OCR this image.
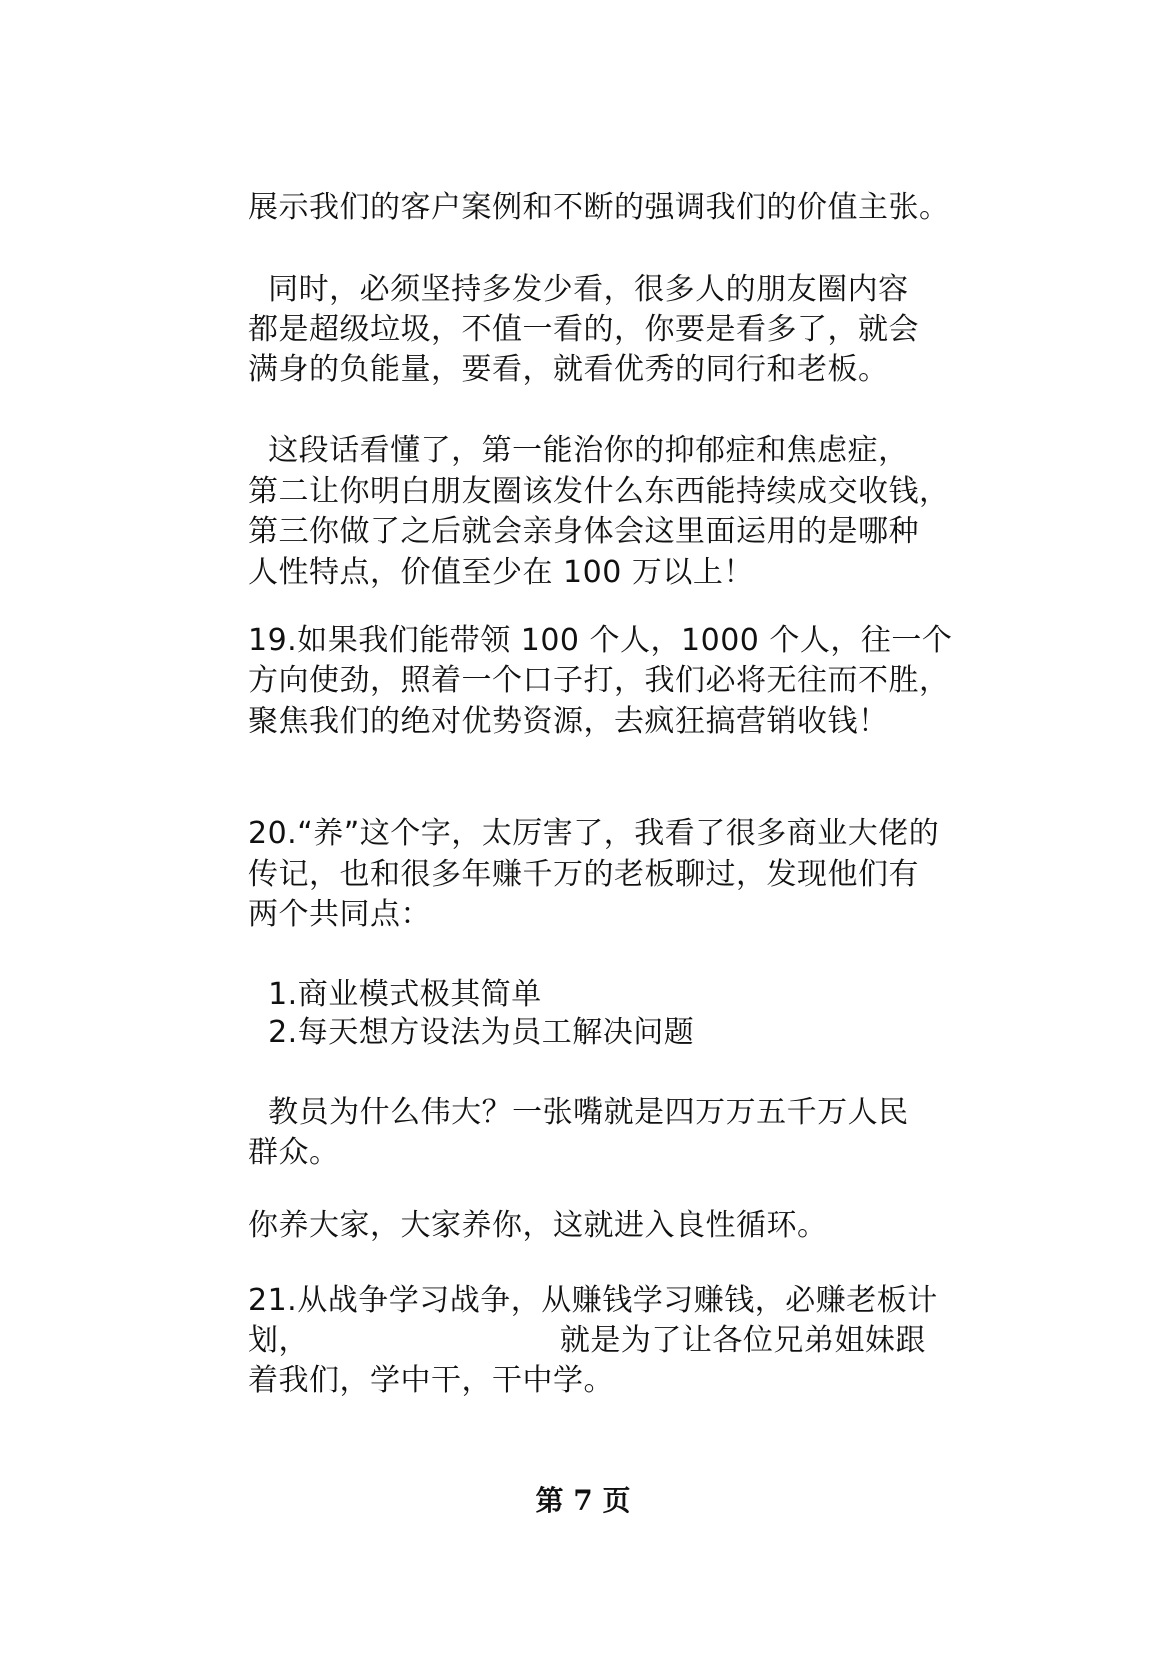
展示我们的客户案例和不断的强调我们的价值主张。
同时，必须坚持多发少看，很多人的朋友圈内容
都是超级垃圾，不值一看的，你要是看多了，就会
满身的负能量，要看，就看优秀的同行和老板。
这段话看懂了，第一能治你的抑郁症和焦虑症，
第二让你明白朋友圈该发什么东西能持续成交收钱，
第三你做了之后就会亲身体会这里面运用的是哪种
人性特点，价值至少在 100 万以上！
19.如果我们能带领 100 个人，1000 个人，往一个
方向使劲，照着一个口子打，我们必将无往而不胜，
聚焦我们的绝对优势资源，去疯狂搞营销收钱！
20.“养”这个字，太厉害了，我看了很多商业大佬的
传记，也和很多年赚千万的老板聊过，发现他们有
两个共同点：
1.商业模式极其简单
2.每天想方设法为员工解决问题
教员为什么伟大？一张嘴就是四万万五千万人民
群众。
你养大家，大家养你，这就进入良性循环。
21.从战争学习战争，从赚钱学习赚钱，必赚老板计
划，                         就是为了让各位兄弟姐妹跟
着我们，学中干，干中学。
第 7 页
